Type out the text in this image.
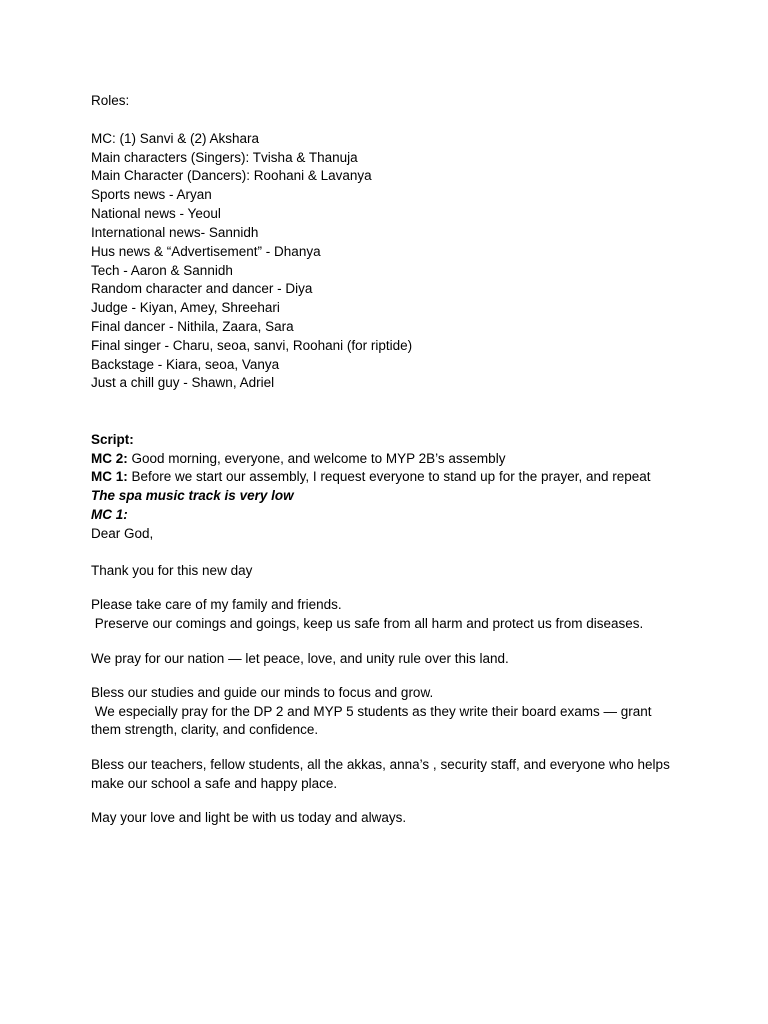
Roles:
MC: (1) Sanvi & (2) Akshara
Main characters (Singers): Tvisha & Thanuja
Main Character (Dancers): Roohani & Lavanya
Sports news - Aryan
National news - Yeoul
International news- Sannidh
Hus news & “Advertisement” - Dhanya
Tech - Aaron & Sannidh
Random character and dancer - Diya
Judge - Kiyan, Amey, Shreehari
Final dancer - Nithila, Zaara, Sara
Final singer - Charu, seoa, sanvi, Roohani (for riptide)
Backstage - Kiara, seoa, Vanya
Just a chill guy - Shawn, Adriel
Script:
MC 2: Good morning, everyone, and welcome to MYP 2B’s assembly
MC 1: Before we start our assembly, I request everyone to stand up for the prayer, and repeat
The spa music track is very low
MC 1:
Dear God,
Thank you for this new day
Please take care of my family and friends.
Preserve our comings and goings, keep us safe from all harm and protect us from diseases.
We pray for our nation — let peace, love, and unity rule over this land.
Bless our studies and guide our minds to focus and grow.
We especially pray for the DP 2 and MYP 5 students as they write their board exams — grant them strength, clarity, and confidence.
Bless our teachers, fellow students, all the akkas, anna’s , security staff, and everyone who helps make our school a safe and happy place.
May your love and light be with us today and always.
